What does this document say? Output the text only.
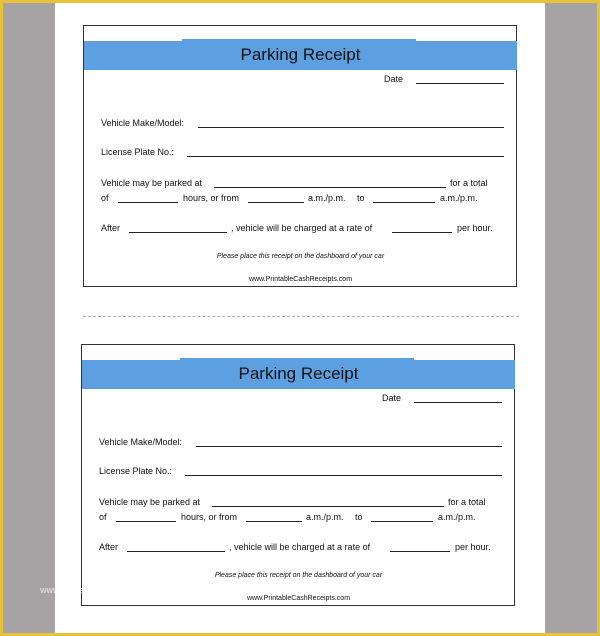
Parking Receipt
Date
Vehicle Make/Model:
License Plate No.:
Vehicle may be parked at	for a total
of	hours, or from	a.m./p.m. to	a.m./p.m.
After	, vehicle will be charged at a rate of	per hour.
Please place this receipt on the dashboard of your car
www.PrintableCashReceipts.com
Parking Receipt
Date
Vehicle Make/Model:
License Plate No.:
Vehicle may be parked at	for a total
of	hours, or from	a.m./p.m. to	a.m./p.m.
After	, vehicle will be charged at a rate of	per hour.
Please place this receipt on the dashboard of your car
www.PrintableCashReceipts.com
www.heritagechristiancollege.com
